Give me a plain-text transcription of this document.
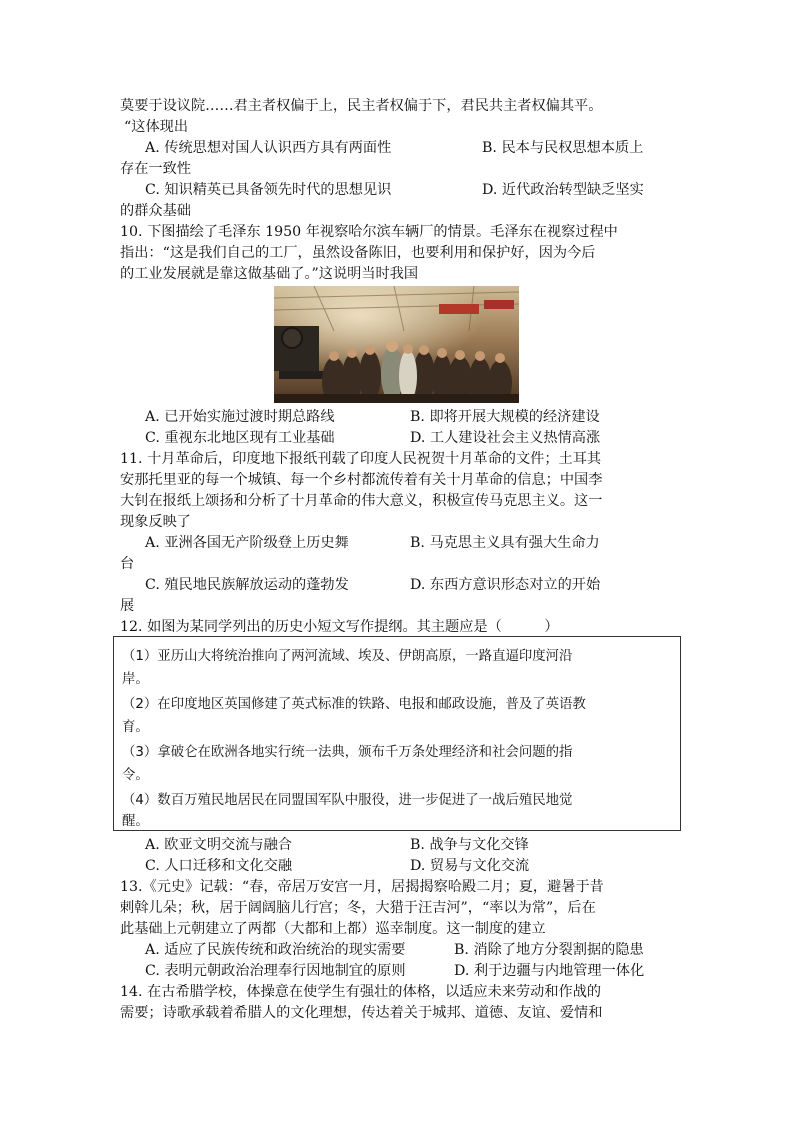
莫要于设议院……君主者权偏于上，民主者权偏于下，君民共主者权偏其平。
“这体现出
A. 传统思想对国人认识西方具有两面性	B. 民本与民权思想本质上
存在一致性
C. 知识精英已具备领先时代的思想见识	D. 近代政治转型缺乏坚实
的群众基础
10. 下图描绘了毛泽东 1950 年视察哈尔滨车辆厂的情景。毛泽东在视察过程中
指出：“这是我们自己的工厂，虽然设备陈旧，也要利用和保护好，因为今后
的工业发展就是靠这做基础了。”这说明当时我国
A. 已开始实施过渡时期总路线	B. 即将开展大规模的经济建设
C. 重视东北地区现有工业基础	D. 工人建设社会主义热情高涨
11. 十月革命后，印度地下报纸刊载了印度人民祝贺十月革命的文件；土耳其
安那托里亚的每一个城镇、每一个乡村都流传着有关十月革命的信息；中国李
大钊在报纸上颂扬和分析了十月革命的伟大意义，积极宣传马克思主义。这一
现象反映了
A. 亚洲各国无产阶级登上历史舞	B. 马克思主义具有强大生命力
台
C. 殖民地民族解放运动的蓬勃发	D. 东西方意识形态对立的开始
展
12. 如图为某同学列出的历史小短文写作提纲。其主题应是（　　　）
（1）亚历山大将统治推向了两河流域、埃及、伊朗高原，一路直逼印度河沿
岸。
（2）在印度地区英国修建了英式标准的铁路、电报和邮政设施，普及了英语教
育。
（3）拿破仑在欧洲各地实行统一法典，颁布千万条处理经济和社会问题的指
令。
（4）数百万殖民地居民在同盟国军队中服役，进一步促进了一战后殖民地觉
醒。
A. 欧亚文明交流与融合	B. 战争与文化交锋
C. 人口迁移和文化交融	D. 贸易与文化交流
13.《元史》记载：“春，帝居万安宫一月，居揭揭察哈殿二月；夏，避暑于昔
剌斡儿朵；秋，居于阔阔脑儿行宫；冬，大猎于汪吉河”，“率以为常”，后在
此基础上元朝建立了两都（大都和上都）巡幸制度。这一制度的建立
A. 适应了民族传统和政治统治的现实需要	B. 消除了地方分裂割据的隐患
C. 表明元朝政治治理奉行因地制宜的原则	D. 利于边疆与内地管理一体化
14. 在古希腊学校，体操意在使学生有强壮的体格，以适应未来劳动和作战的
需要；诗歌承载着希腊人的文化理想，传达着关于城邦、道德、友谊、爱情和
